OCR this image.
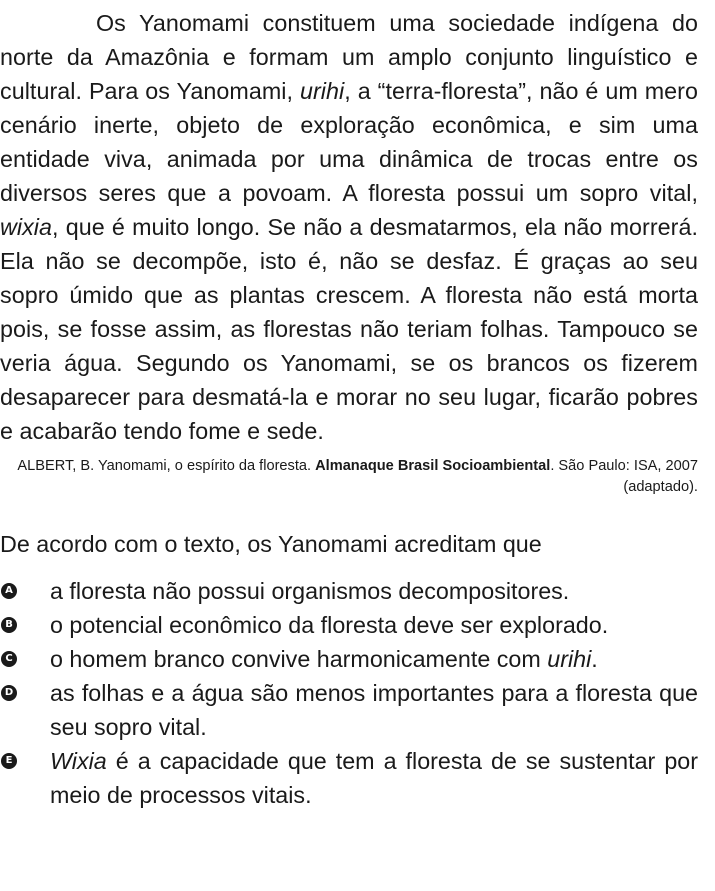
Os Yanomami constituem uma sociedade indígena do norte da Amazônia e formam um amplo conjunto linguístico e cultural. Para os Yanomami, urihi, a “terra-floresta”, não é um mero cenário inerte, objeto de exploração econômica, e sim uma entidade viva, animada por uma dinâmica de trocas entre os diversos seres que a povoam. A floresta possui um sopro vital, wixia, que é muito longo. Se não a desmatarmos, ela não morrerá. Ela não se decompõe, isto é, não se desfaz. É graças ao seu sopro úmido que as plantas crescem. A floresta não está morta pois, se fosse assim, as florestas não teriam folhas. Tampouco se veria água. Segundo os Yanomami, se os brancos os fizerem desaparecer para desmatá-la e morar no seu lugar, ficarão pobres e acabarão tendo fome e sede.

ALBERT, B. Yanomami, o espírito da floresta. Almanaque Brasil Socioambiental. São Paulo: ISA, 2007 (adaptado).
De acordo com o texto, os Yanomami acreditam que
A a floresta não possui organismos decompositores.
B o potencial econômico da floresta deve ser explorado.
C o homem branco convive harmonicamente com urihi.
D as folhas e a água são menos importantes para a floresta que seu sopro vital.
E Wixia é a capacidade que tem a floresta de se sustentar por meio de processos vitais.
